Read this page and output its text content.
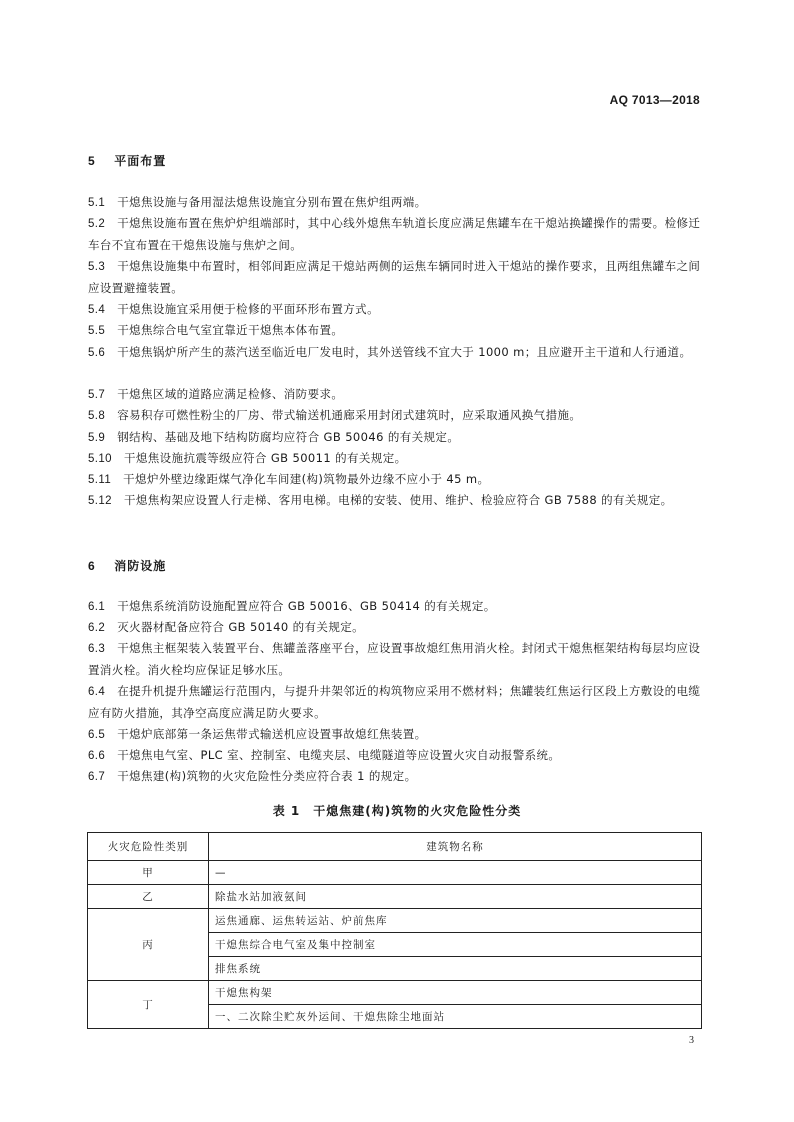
AQ 7013—2018
5 平面布置
5.1 干熄焦设施与备用湿法熄焦设施宜分别布置在焦炉组两端。
5.2 干熄焦设施布置在焦炉炉组端部时，其中心线外熄焦车轨道长度应满足焦罐车在干熄站换罐操作的需要。检修迁车台不宜布置在干熄焦设施与焦炉之间。
5.3 干熄焦设施集中布置时，相邻间距应满足干熄站两侧的运焦车辆同时进入干熄站的操作要求，且两组焦罐车之间应设置避撞装置。
5.4 干熄焦设施宜采用便于检修的平面环形布置方式。
5.5 干熄焦综合电气室宜靠近干熄焦本体布置。
5.6 干熄焦锅炉所产生的蒸汽送至临近电厂发电时，其外送管线不宜大于 1000 m；且应避开主干道和人行通道。
5.7 干熄焦区域的道路应满足检修、消防要求。
5.8 容易积存可燃性粉尘的厂房、带式输送机通廊采用封闭式建筑时，应采取通风换气措施。
5.9 钢结构、基础及地下结构防腐均应符合 GB 50046 的有关规定。
5.10 干熄焦设施抗震等级应符合 GB 50011 的有关规定。
5.11 干熄炉外壁边缘距煤气净化车间建(构)筑物最外边缘不应小于 45 m。
5.12 干熄焦构架应设置人行走梯、客用电梯。电梯的安装、使用、维护、检验应符合 GB 7588 的有关规定。
6 消防设施
6.1 干熄焦系统消防设施配置应符合 GB 50016、GB 50414 的有关规定。
6.2 灭火器材配备应符合 GB 50140 的有关规定。
6.3 干熄焦主框架装入装置平台、焦罐盖落座平台，应设置事故熄红焦用消火栓。封闭式干熄焦框架结构每层均应设置消火栓。消火栓均应保证足够水压。
6.4 在提升机提升焦罐运行范围内，与提升井架邻近的构筑物应采用不燃材料；焦罐装红焦运行区段上方敷设的电缆应有防火措施，其净空高度应满足防火要求。
6.5 干熄炉底部第一条运焦带式输送机应设置事故熄红焦装置。
6.6 干熄焦电气室、PLC 室、控制室、电缆夹层、电缆隧道等应设置火灾自动报警系统。
6.7 干熄焦建(构)筑物的火灾危险性分类应符合表 1 的规定。
表 1　干熄焦建(构)筑物的火灾危险性分类
火灾危险性类别	建筑物名称
甲	—
乙	除盐水站加液氨间
丙	运焦通廊、运焦转运站、炉前焦库
	干熄焦综合电气室及集中控制室
	排焦系统
丁	干熄焦构架
	一、二次除尘贮灰外运间、干熄焦除尘地面站
3
